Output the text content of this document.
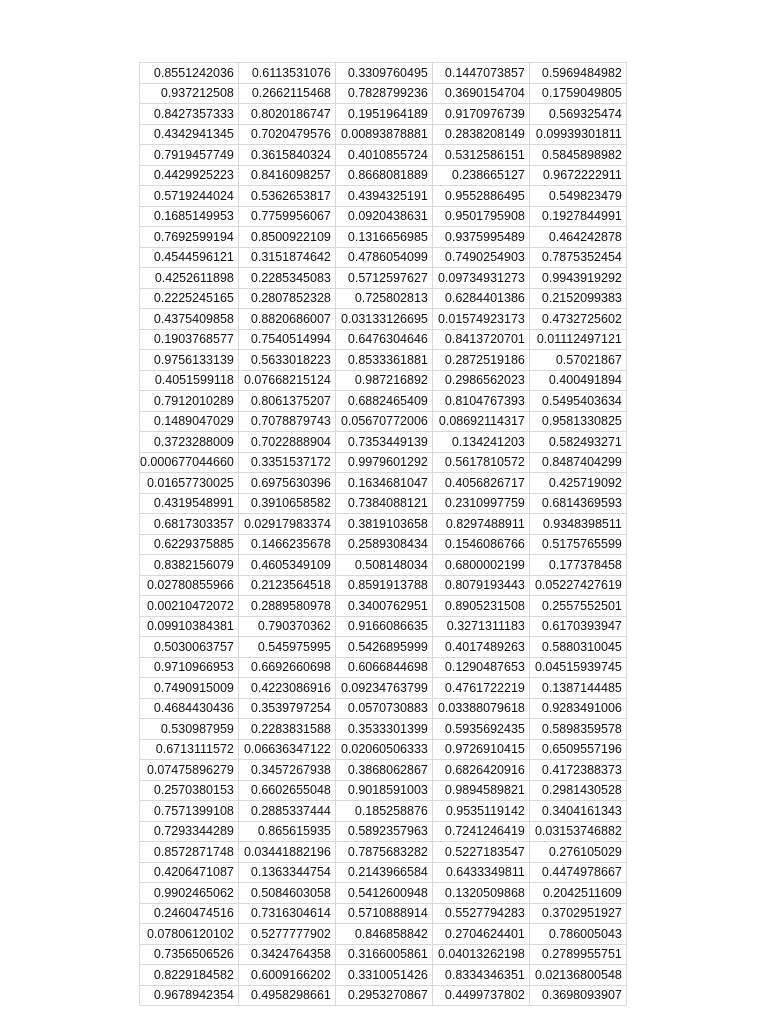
0.8551242036	0.6113531076	0.3309760495	0.1447073857	0.5969484982
0.937212508	0.2662115468	0.7828799236	0.3690154704	0.1759049805
0.8427357333	0.8020186747	0.1951964189	0.9170976739	0.569325474
0.4342941345	0.7020479576	0.00893878881	0.2838208149	0.09939301811
0.7919457749	0.3615840324	0.4010855724	0.5312586151	0.5845898982
0.4429925223	0.8416098257	0.8668081889	0.238665127	0.9672222911
0.5719244024	0.5362653817	0.4394325191	0.9552886495	0.549823479
0.1685149953	0.7759956067	0.0920438631	0.9501795908	0.1927844991
0.7692599194	0.8500922109	0.1316656985	0.9375995489	0.464242878
0.4544596121	0.3151874642	0.4786054099	0.7490254903	0.7875352454
0.4252611898	0.2285345083	0.5712597627	0.09734931273	0.9943919292
0.2225245165	0.2807852328	0.725802813	0.6284401386	0.2152099383
0.4375409858	0.8820686007	0.03133126695	0.01574923173	0.4732725602
0.1903768577	0.7540514994	0.6476304646	0.8413720701	0.01112497121
0.9756133139	0.5633018223	0.8533361881	0.2872519186	0.57021867
0.4051599118	0.07668215124	0.987216892	0.2986562023	0.400491894
0.7912010289	0.8061375207	0.6882465409	0.8104767393	0.5495403634
0.1489047029	0.7078879743	0.05670772006	0.08692114317	0.9581330825
0.3723288009	0.7022888904	0.7353449139	0.134241203	0.582493271
0.000677044660	0.3351537172	0.9979601292	0.5617810572	0.8487404299
0.01657730025	0.6975630396	0.1634681047	0.4056826717	0.425719092
0.4319548991	0.3910658582	0.7384088121	0.2310997759	0.6814369593
0.6817303357	0.02917983374	0.3819103658	0.8297488911	0.9348398511
0.6229375885	0.1466235678	0.2589308434	0.1546086766	0.5175765599
0.8382156079	0.4605349109	0.508148034	0.6800002199	0.177378458
0.02780855966	0.2123564518	0.8591913788	0.8079193443	0.05227427619
0.00210472072	0.2889580978	0.3400762951	0.8905231508	0.2557552501
0.09910384381	0.790370362	0.9166086635	0.3271311183	0.6170393947
0.5030063757	0.545975995	0.5426895999	0.4017489263	0.5880310045
0.9710966953	0.6692660698	0.6066844698	0.1290487653	0.04515939745
0.7490915009	0.4223086916	0.09234763799	0.4761722219	0.1387144485
0.4684430436	0.3539797254	0.0570730883	0.03388079618	0.9283491006
0.530987959	0.2283831588	0.3533301399	0.5935692435	0.5898359578
0.6713111572	0.06636347122	0.02060506333	0.9726910415	0.6509557196
0.07475896279	0.3457267938	0.3868062867	0.6826420916	0.4172388373
0.2570380153	0.6602655048	0.9018591003	0.9894589821	0.2981430528
0.7571399108	0.2885337444	0.185258876	0.9535119142	0.3404161343
0.7293344289	0.865615935	0.5892357963	0.7241246419	0.03153746882
0.8572871748	0.03441882196	0.7875683282	0.5227183547	0.276105029
0.4206471087	0.1363344754	0.2143966584	0.6433349811	0.4474978667
0.9902465062	0.5084603058	0.5412600948	0.1320509868	0.2042511609
0.2460474516	0.7316304614	0.5710888914	0.5527794283	0.3702951927
0.07806120102	0.5277777902	0.846858842	0.2704624401	0.786005043
0.7356506526	0.3424764358	0.3166005861	0.04013262198	0.2789955751
0.8229184582	0.6009166202	0.3310051426	0.8334346351	0.02136800548
0.9678942354	0.4958298661	0.2953270867	0.4499737802	0.3698093907
